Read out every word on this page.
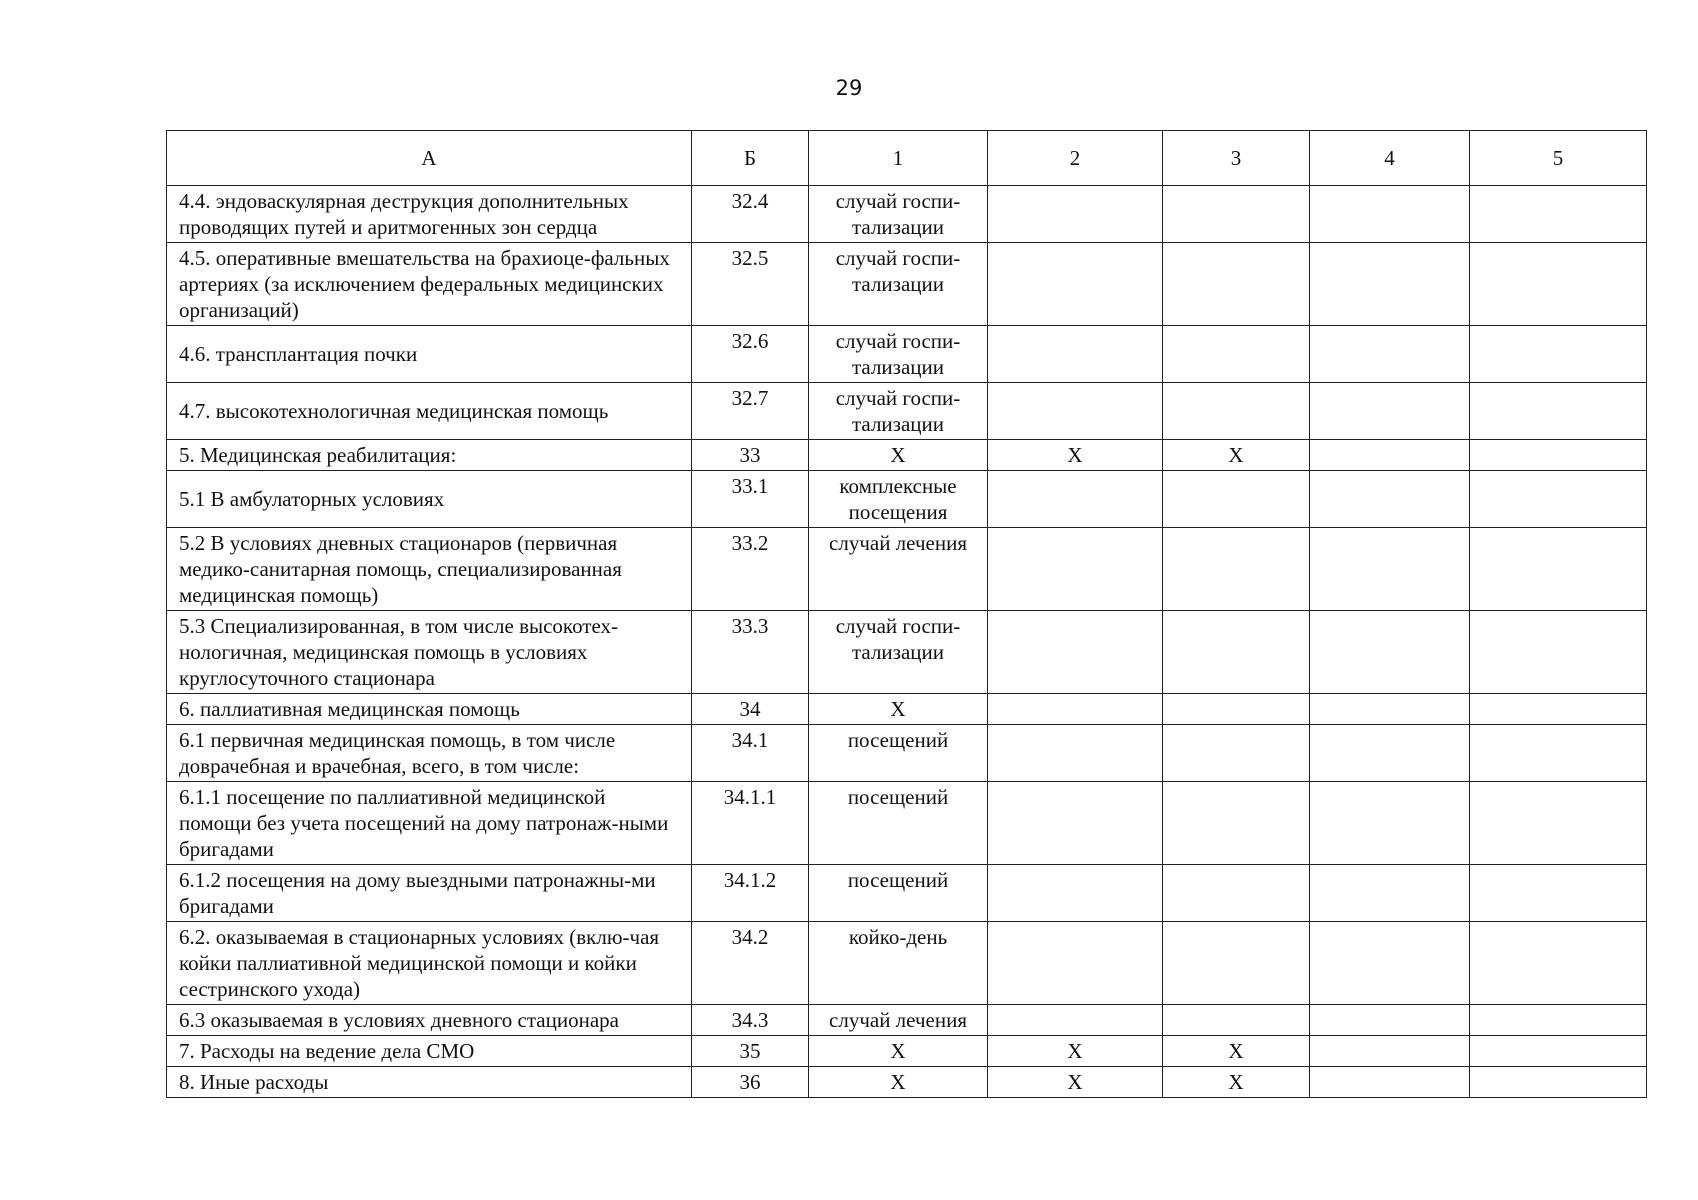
29
А	Б	1	2	3	4	5
4.4. эндоваскулярная деструкция дополнительных проводящих путей и аритмогенных зон сердца	32.4	случай госпи-тализации				
4.5. оперативные вмешательства на брахиоце-фальных артериях (за исключением федеральных медицинских организаций)	32.5	случай госпи-тализации				
4.6. трансплантация почки	32.6	случай госпи-тализации				
4.7. высокотехнологичная медицинская помощь	32.7	случай госпи-тализации				
5. Медицинская реабилитация:	33	Х	Х	Х		
5.1 В амбулаторных условиях	33.1	комплексные посещения				
5.2 В условиях дневных стационаров (первичная медико-санитарная помощь, специализированная медицинская помощь)	33.2	случай лечения				
5.3 Специализированная, в том числе высокотех-нологичная, медицинская помощь в условиях круглосуточного стационара	33.3	случай госпи-тализации				
6. паллиативная медицинская помощь	34	Х				
6.1 первичная медицинская помощь, в том числе доврачебная и врачебная, всего, в том числе:	34.1	посещений				
6.1.1 посещение по паллиативной медицинской помощи без учета посещений на дому патронаж-ными бригадами	34.1.1	посещений				
6.1.2 посещения на дому выездными патронажны-ми бригадами	34.1.2	посещений				
6.2. оказываемая в стационарных условиях (вклю-чая койки паллиативной медицинской помощи и койки сестринского ухода)	34.2	койко-день				
6.3 оказываемая в условиях дневного стационара	34.3	случай лечения				
7. Расходы на ведение дела СМО	35	Х	Х	Х		
8. Иные расходы	36	Х	Х	Х		
